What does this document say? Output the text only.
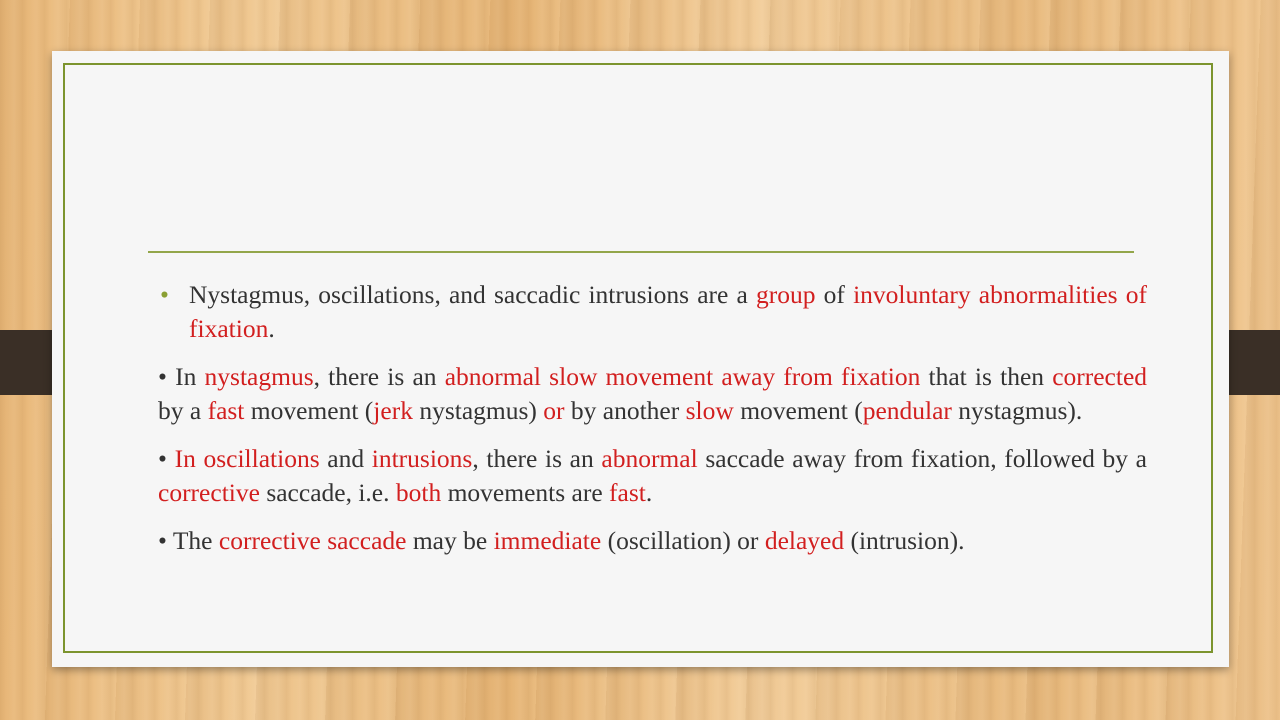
• Nystagmus, oscillations, and saccadic intrusions are a group of involuntary abnormalities of fixation.

• In nystagmus, there is an abnormal slow movement away from fixation that is then corrected by a fast movement (jerk nystagmus) or by another slow movement (pendular nystagmus).

• In oscillations and intrusions, there is an abnormal saccade away from fixation, followed by a corrective saccade, i.e. both movements are fast.

• The corrective saccade may be immediate (oscillation) or delayed (intrusion).
